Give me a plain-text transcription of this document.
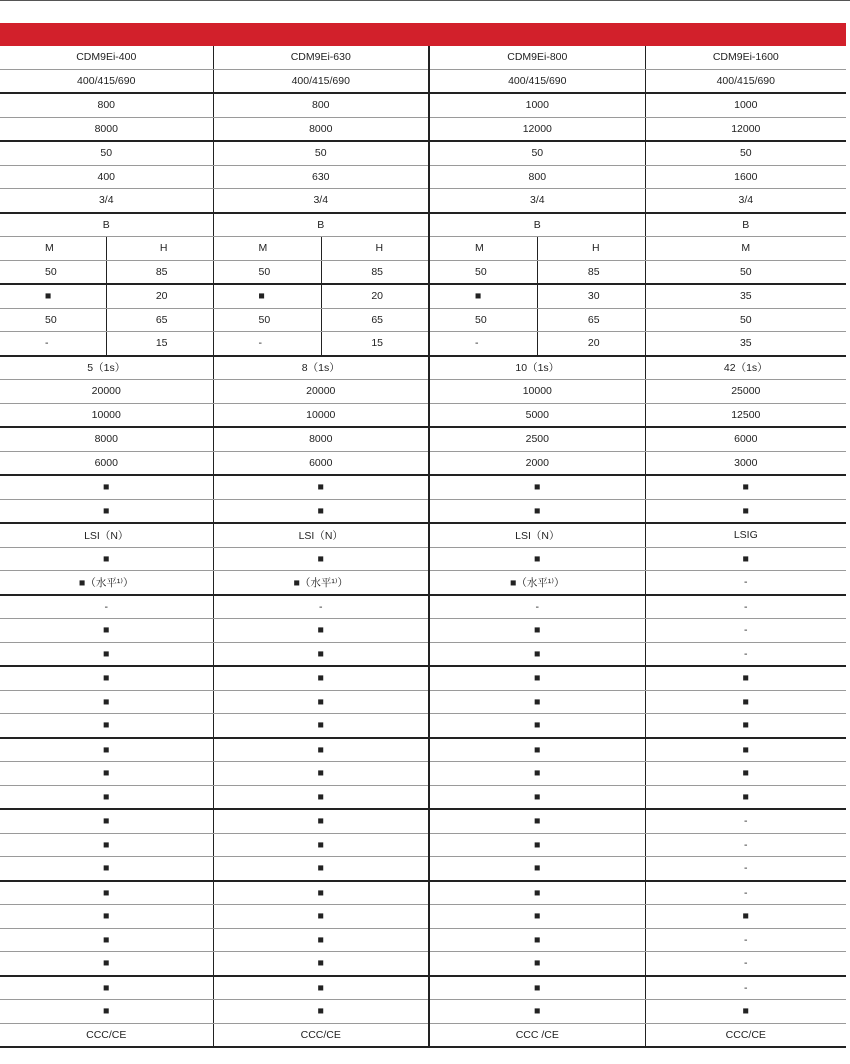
CDM9Ei-400		CDM9Ei-630		CDM9Ei-800		CDM9Ei-1600
400/415/690		400/415/690		400/415/690		400/415/690
800		800		1000		1000
8000		8000		12000		12000
50		50		50		50
400		630		800		1600
3/4		3/4		3/4		3/4
B		B		B		B
M	H	M	H	M	H	M
50	85	50	85	50	85	50
■	20	■	20	■	30	35
50	65	50	65	50	65	50
-	15	-	15	-	20	35
5（1s）		8（1s）		10（1s）		42（1s）
20000		20000		10000		25000
10000		10000		5000		12500
8000		8000		2500		6000
6000		6000		2000		3000
■		■		■		■
■		■		■		■
LSI（N）		LSI（N）		LSI（N）		LSIG
■		■		■		■
■（水平¹⁾）		■（水平¹⁾）		■（水平¹⁾）		-
-		-		-		-
■		■		■		-
■		■		■		-
■		■		■		■
■		■		■		■
■		■		■		■
■		■		■		■
■		■		■		■
■		■		■		■
■		■		■		-
■		■		■		-
■		■		■		-
■		■		■		-
■		■		■		■
■		■		■		-
■		■		■		-
■		■		■		-
■		■		■		■
CCC/CE		CCC/CE		CCC /CE		CCC/CE
